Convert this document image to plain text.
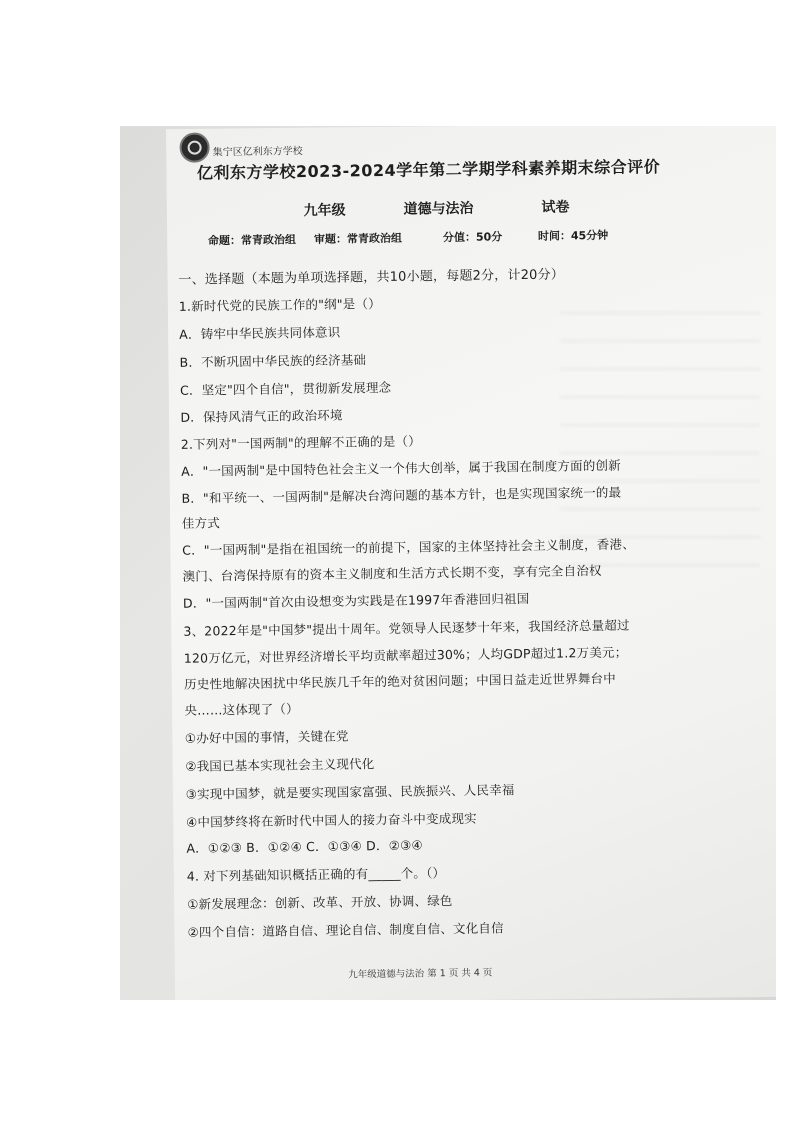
集宁区亿利东方学校
亿利东方学校2023-2024学年第二学期学科素养期末综合评价
九年级	道德与法治	试卷
命题：常青政治组 审题：常青政治组	分值：50分	时间：45分钟
一、选择题（本题为单项选择题，共10小题，每题2分，计20分）
1.新时代党的民族工作的"纲"是（）
A．铸牢中华民族共同体意识
B．不断巩固中华民族的经济基础
C．坚定"四个自信"，贯彻新发展理念
D．保持风清气正的政治环境
2.下列对"一国两制"的理解不正确的是（）
A．"一国两制"是中国特色社会主义一个伟大创举，属于我国在制度方面的创新
B．"和平统一、一国两制"是解决台湾问题的基本方针，也是实现国家统一的最
佳方式
C．"一国两制"是指在祖国统一的前提下，国家的主体坚持社会主义制度，香港、
澳门、台湾保持原有的资本主义制度和生活方式长期不变，享有完全自治权
D．"一国两制"首次由设想变为实践是在1997年香港回归祖国
3、2022年是"中国梦"提出十周年。党领导人民逐梦十年来，我国经济总量超过
120万亿元，对世界经济增长平均贡献率超过30%；人均GDP超过1.2万美元；
历史性地解决困扰中华民族几千年的绝对贫困问题；中国日益走近世界舞台中
央……这体现了（）
①办好中国的事情，关键在党
②我国已基本实现社会主义现代化
③实现中国梦，就是要实现国家富强、民族振兴、人民幸福
④中国梦终将在新时代中国人的接力奋斗中变成现实
A．①②③ B．①②④ C．①③④ D．②③④
4. 对下列基础知识概括正确的有_____个。（）
①新发展理念：创新、改革、开放、协调、绿色
②四个自信：道路自信、理论自信、制度自信、文化自信
九年级道德与法治 第 1 页 共 4 页
